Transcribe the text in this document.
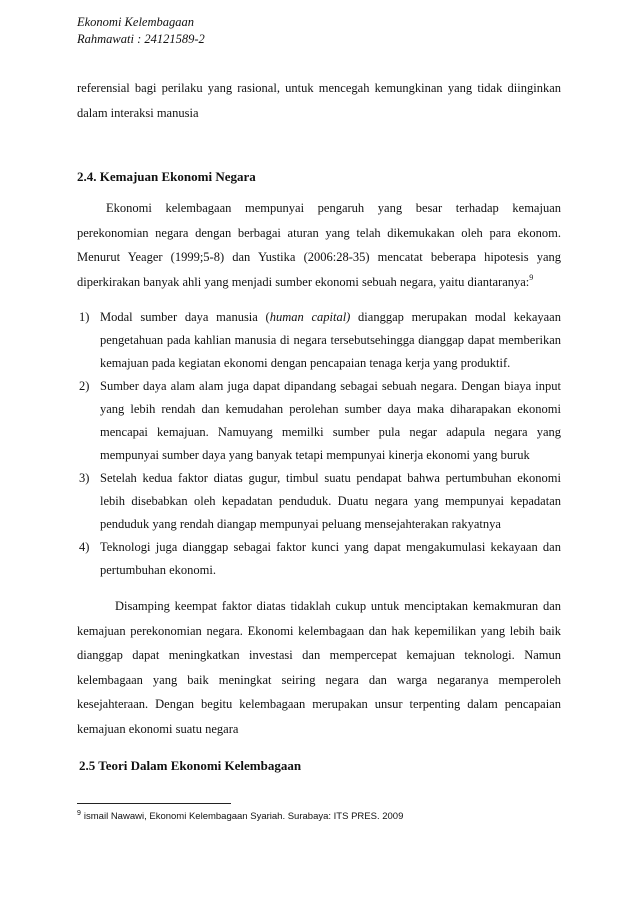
Ekonomi Kelembagaan
Rahmawati : 24121589-2

referensial bagi perilaku yang rasional, untuk mencegah kemungkinan yang tidak diinginkan dalam interaksi manusia

2.4. Kemajuan Ekonomi Negara

Ekonomi kelembagaan mempunyai pengaruh yang besar terhadap kemajuan perekonomian negara dengan berbagai aturan yang telah dikemukakan oleh para ekonom. Menurut Yeager (1999;5-8) dan Yustika (2006:28-35) mencatat beberapa hipotesis yang diperkirakan banyak ahli yang menjadi sumber ekonomi sebuah negara, yaitu diantaranya:$^9$

1) Modal sumber daya manusia (human capital) dianggap merupakan modal kekayaan pengetahuan pada kahlian manusia di negara tersebutsehingga dianggap dapat memberikan kemajuan pada kegiatan ekonomi dengan pencapaian tenaga kerja yang produktif.
2) Sumber daya alam alam juga dapat dipandang sebagai sebuah negara. Dengan biaya input yang lebih rendah dan kemudahan perolehan sumber daya maka diharapakan ekonomi mencapai kemajuan. Namuyang memilki sumber pula negar adapula negara yang mempunyai sumber daya yang banyak tetapi mempunyai kinerja ekonomi yang buruk
3) Setelah kedua faktor diatas gugur, timbul suatu pendapat bahwa pertumbuhan ekonomi lebih disebabkan oleh kepadatan penduduk. Duatu negara yang mempunyai kepadatan penduduk yang rendah diangap mempunyai peluang mensejahterakan rakyatnya
4) Teknologi juga dianggap sebagai faktor kunci yang dapat mengakumulasi kekayaan dan pertumbuhan ekonomi.

Disamping keempat faktor diatas tidaklah cukup untuk menciptakan kemakmuran dan kemajuan perekonomian negara. Ekonomi kelembagaan dan hak kepemilikan yang lebih baik dianggap dapat meningkatkan investasi dan mempercepat kemajuan teknologi. Namun kelembagaan yang baik meningkat seiring negara dan warga negaranya memperoleh kesejahteraan. Dengan begitu kelembagaan merupakan unsur terpenting dalam pencapaian kemajuan ekonomi suatu negara

2.5 Teori Dalam Ekonomi Kelembagaan
$^9$ ismail Nawawi, Ekonomi Kelembagaan Syariah. Surabaya: ITS PRES. 2009
